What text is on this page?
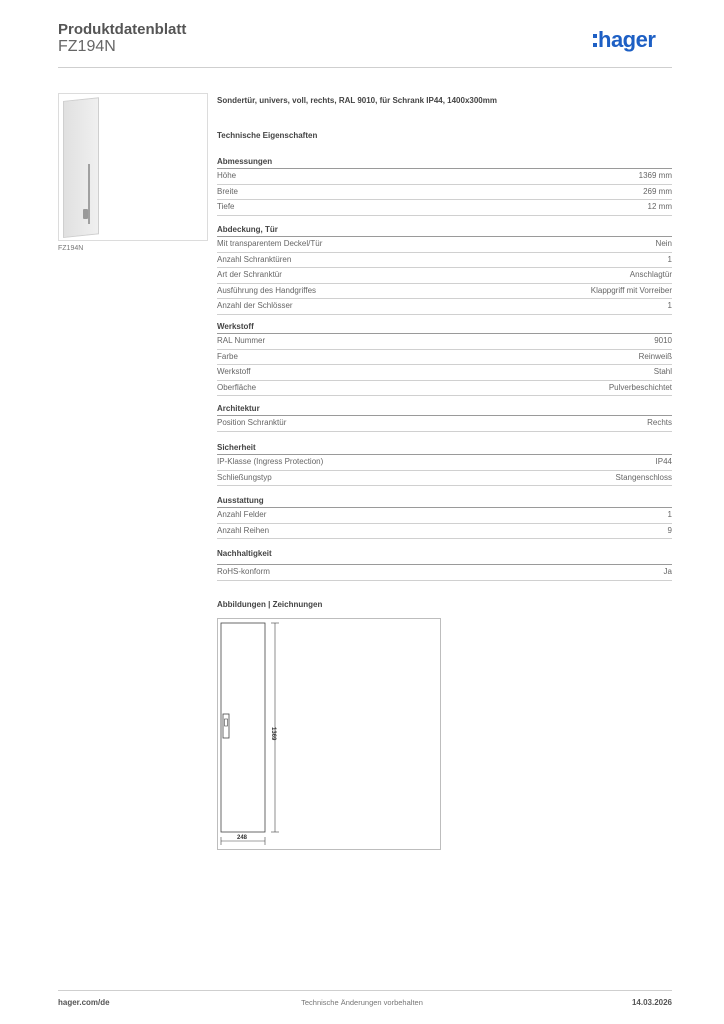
Produktdatenblatt
FZ194N	hager
FZ194N
Sondertür, univers, voll, rechts, RAL 9010, für Schrank IP44, 1400x300mm
Technische Eigenschaften
Abmessungen
Höhe	1369 mm
Breite	269 mm
Tiefe	12 mm
Abdeckung, Tür
Mit transparentem Deckel/Tür	Nein
Anzahl Schranktüren	1
Art der Schranktür	Anschlagtür
Ausführung des Handgriffes	Klappgriff mit Vorreiber
Anzahl der Schlösser	1
Werkstoff
RAL Nummer	9010
Farbe	Reinweiß
Werkstoff	Stahl
Oberfläche	Pulverbeschichtet
Architektur
Position Schranktür	Rechts
Sicherheit
IP-Klasse (Ingress Protection)	IP44
Schließungstyp	Stangenschloss
Ausstattung
Anzahl Felder	1
Anzahl Reihen	9
Nachhaltigkeit
RoHS-konform	Ja
Abbildungen | Zeichnungen
1369
248
hager.com/de	Technische Änderungen vorbehalten	14.03.2026
